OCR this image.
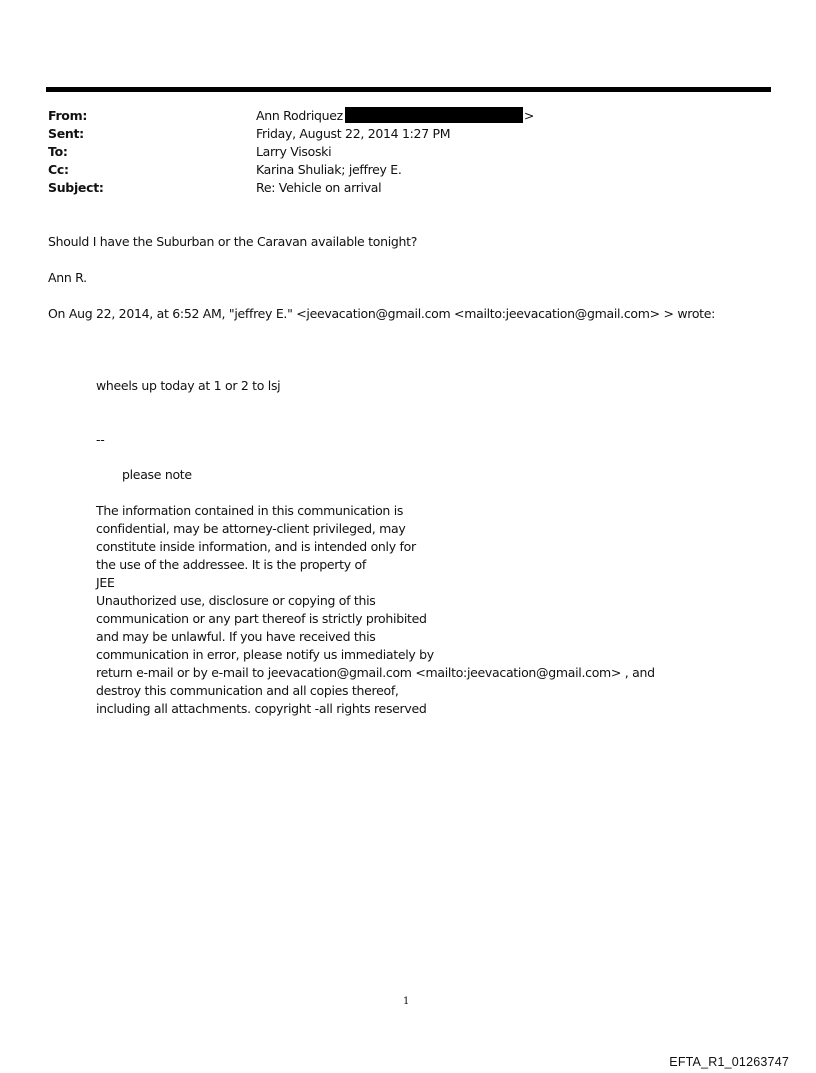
From:	Ann Rodriquez	>
Sent:	Friday, August 22, 2014 1:27 PM
To:	Larry Visoski
Cc:	Karina Shuliak; jeffrey E.
Subject:	Re: Vehicle on arrival
Should I have the Suburban or the Caravan available tonight?
Ann R.
On Aug 22, 2014, at 6:52 AM, "jeffrey E." <jeevacation@gmail.com <mailto:jeevacation@gmail.com> > wrote:
wheels up today at 1 or 2 to lsj
--
please note
The information contained in this communication is
confidential, may be attorney-client privileged, may
constitute inside information, and is intended only for
the use of the addressee. It is the property of
JEE
Unauthorized use, disclosure or copying of this
communication or any part thereof is strictly prohibited
and may be unlawful. If you have received this
communication in error, please notify us immediately by
return e-mail or by e-mail to jeevacation@gmail.com <mailto:jeevacation@gmail.com> , and
destroy this communication and all copies thereof,
including all attachments. copyright -all rights reserved
1
EFTA_R1_01263747
